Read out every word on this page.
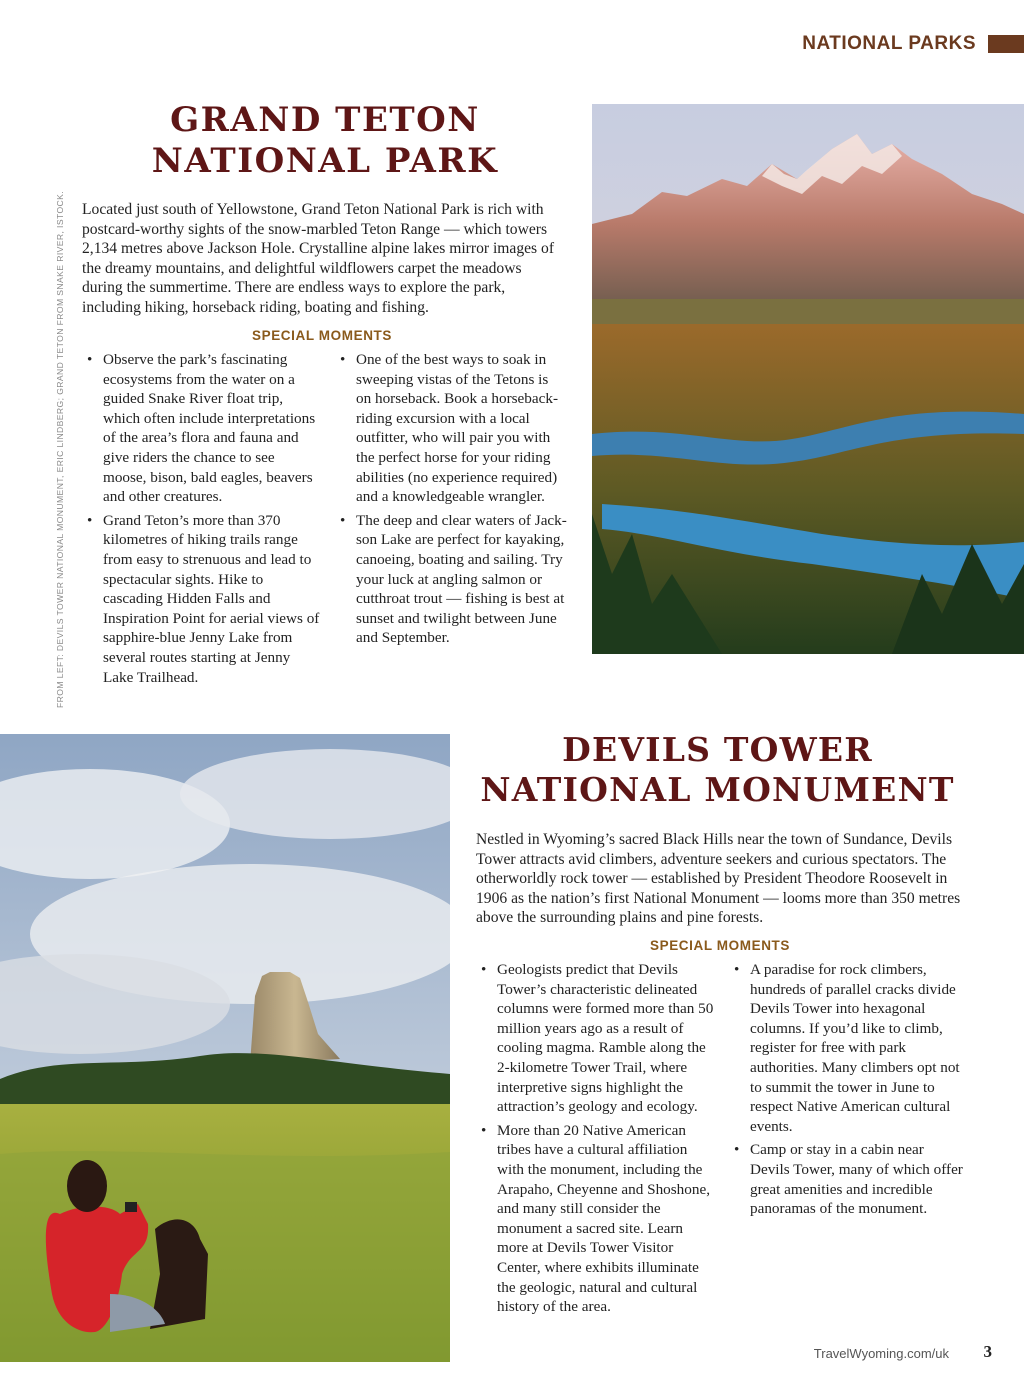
NATIONAL PARKS
FROM LEFT: DEVILS TOWER NATIONAL MONUMENT, ERIC LINDBERG; GRAND TETON FROM SNAKE RIVER, ISTOCK.
GRAND TETON
NATIONAL PARK

Located just south of Yellowstone, Grand Teton National Park is rich with postcard-worthy sights of the snow-marbled Teton Range — which towers 2,134 metres above Jackson Hole. Crystalline alpine lakes mirror images of the dreamy mountains, and delightful wildflowers carpet the meadows during the summertime. There are endless ways to explore the park, including hiking, horseback riding, boating and fishing.

SPECIAL MOMENTS
• Observe the park’s fascinating ecosystems from the water on a guided Snake River float trip, which often include interpretations of the area’s flora and fauna and give riders the chance to see moose, bison, bald eagles, beavers and other creatures.
• Grand Teton’s more than 370 kilometres of hiking trails range from easy to strenuous and lead to spectacular sights. Hike to cascading Hidden Falls and Inspiration Point for aerial views of sapphire-blue Jenny Lake from several routes starting at Jenny Lake Trailhead.
• One of the best ways to soak in sweeping vistas of the Tetons is on horseback. Book a horseback-riding excursion with a local outfitter, who will pair you with the perfect horse for your riding abilities (no experience required) and a knowledgeable wrangler.
• The deep and clear waters of Jackson Lake are perfect for kayaking, canoeing, boating and sailing. Try your luck at angling salmon or cutthroat trout — fishing is best at sunset and twilight between June and September.
DEVILS TOWER
NATIONAL MONUMENT

Nestled in Wyoming’s sacred Black Hills near the town of Sundance, Devils Tower attracts avid climbers, adventure seekers and curious spectators. The otherworldly rock tower — established by President Theodore Roosevelt in 1906 as the nation’s first National Monument — looms more than 350 metres above the surrounding plains and pine forests.

SPECIAL MOMENTS
• Geologists predict that Devils Tower’s characteristic delineated columns were formed more than 50 million years ago as a result of cooling magma. Ramble along the 2-kilometre Tower Trail, where interpretive signs highlight the attraction’s geology and ecology.
• More than 20 Native American tribes have a cultural affiliation with the monument, including the Arapaho, Cheyenne and Shoshone, and many still consider the monument a sacred site. Learn more at Devils Tower Visitor Center, where exhibits illuminate the geologic, natural and cultural history of the area.
• A paradise for rock climbers, hundreds of parallel cracks divide Devils Tower into hexagonal columns. If you’d like to climb, register for free with park authorities. Many climbers opt not to summit the tower in June to respect Native American cultural events.
• Camp or stay in a cabin near Devils Tower, many of which offer great amenities and incredible panoramas of the monument.
TravelWyoming.com/uk 3
